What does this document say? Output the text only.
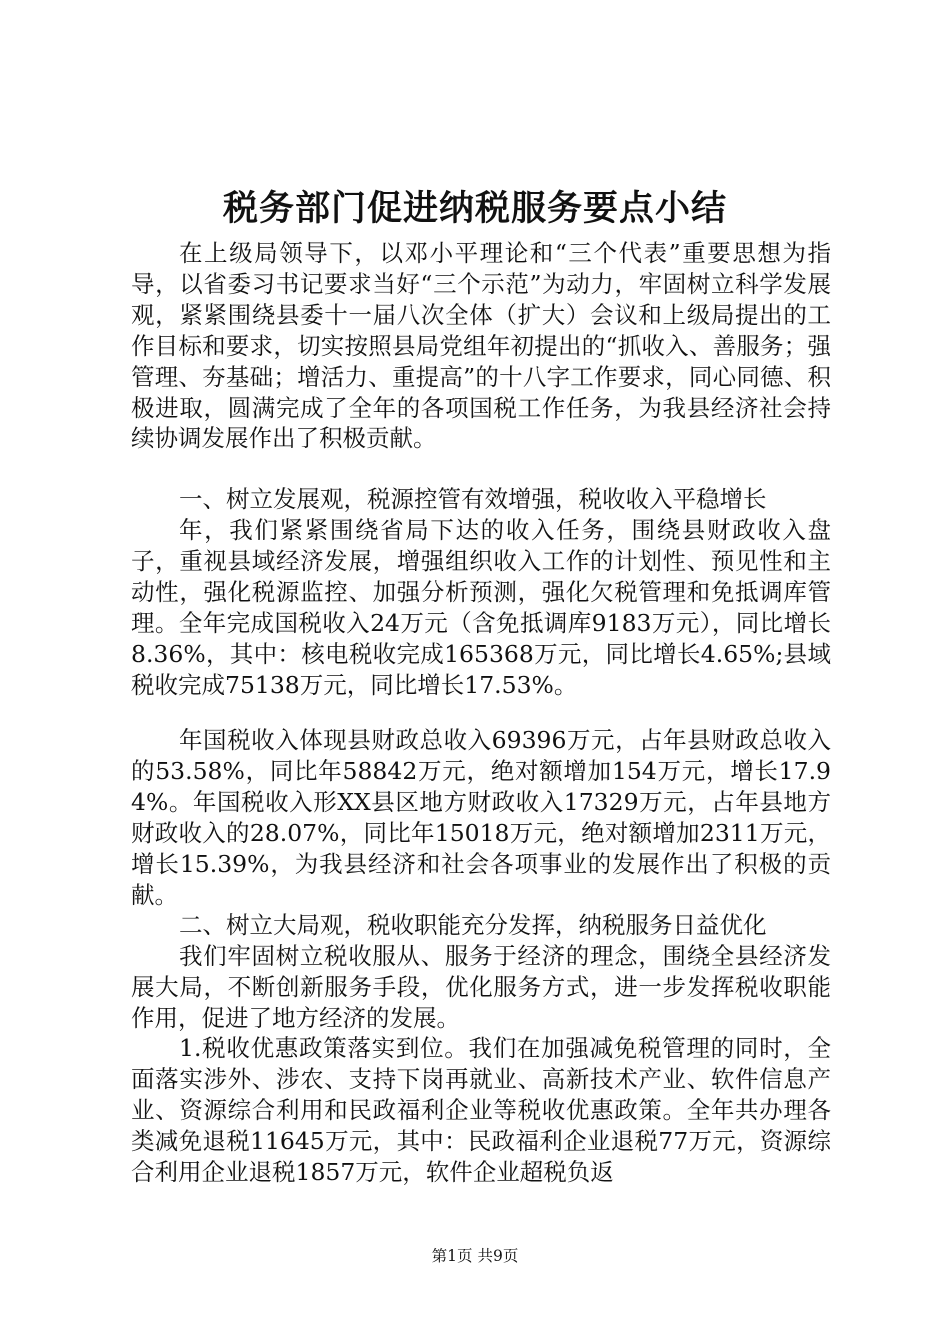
税务部门促进纳税服务要点小结

在上级局领导下，以邓小平理论和“三个代表”重要思想为指导，以省委习书记要求当好“三个示范”为动力，牢固树立科学发展观，紧紧围绕县委十一届八次全体（扩大）会议和上级局提出的工作目标和要求，切实按照县局党组年初提出的“抓收入、善服务；强管理、夯基础；增活力、重提高”的十八字工作要求，同心同德、积极进取，圆满完成了全年的各项国税工作任务，为我县经济社会持续协调发展作出了积极贡献。

一、树立发展观，税源控管有效增强，税收收入平稳增长

年，我们紧紧围绕省局下达的收入任务，围绕县财政收入盘子，重视县域经济发展，增强组织收入工作的计划性、预见性和主动性，强化税源监控、加强分析预测，强化欠税管理和免抵调库管理。全年完成国税收入24万元（含免抵调库9183万元），同比增长8.36%，其中：核电税收完成165368万元，同比增长4.65%;县域税收完成75138万元，同比增长17.53%。

年国税收入体现县财政总收入69396万元，占年县财政总收入的53.58%，同比年58842万元，绝对额增加154万元，增长17.94%。年国税收入形XX县区地方财政收入17329万元，占年县地方财政收入的28.07%，同比年15018万元，绝对额增加2311万元，增长15.39%，为我县经济和社会各项事业的发展作出了积极的贡献。

二、树立大局观，税收职能充分发挥，纳税服务日益优化

我们牢固树立税收服从、服务于经济的理念，围绕全县经济发展大局，不断创新服务手段，优化服务方式，进一步发挥税收职能作用，促进了地方经济的发展。

1.税收优惠政策落实到位。我们在加强减免税管理的同时，全面落实涉外、涉农、支持下岗再就业、高新技术产业、软件信息产业、资源综合利用和民政福利企业等税收优惠政策。全年共办理各类减免退税11645万元，其中：民政福利企业退税77万元，资源综合利用企业退税1857万元，软件企业超税负返

第1页 共9页
